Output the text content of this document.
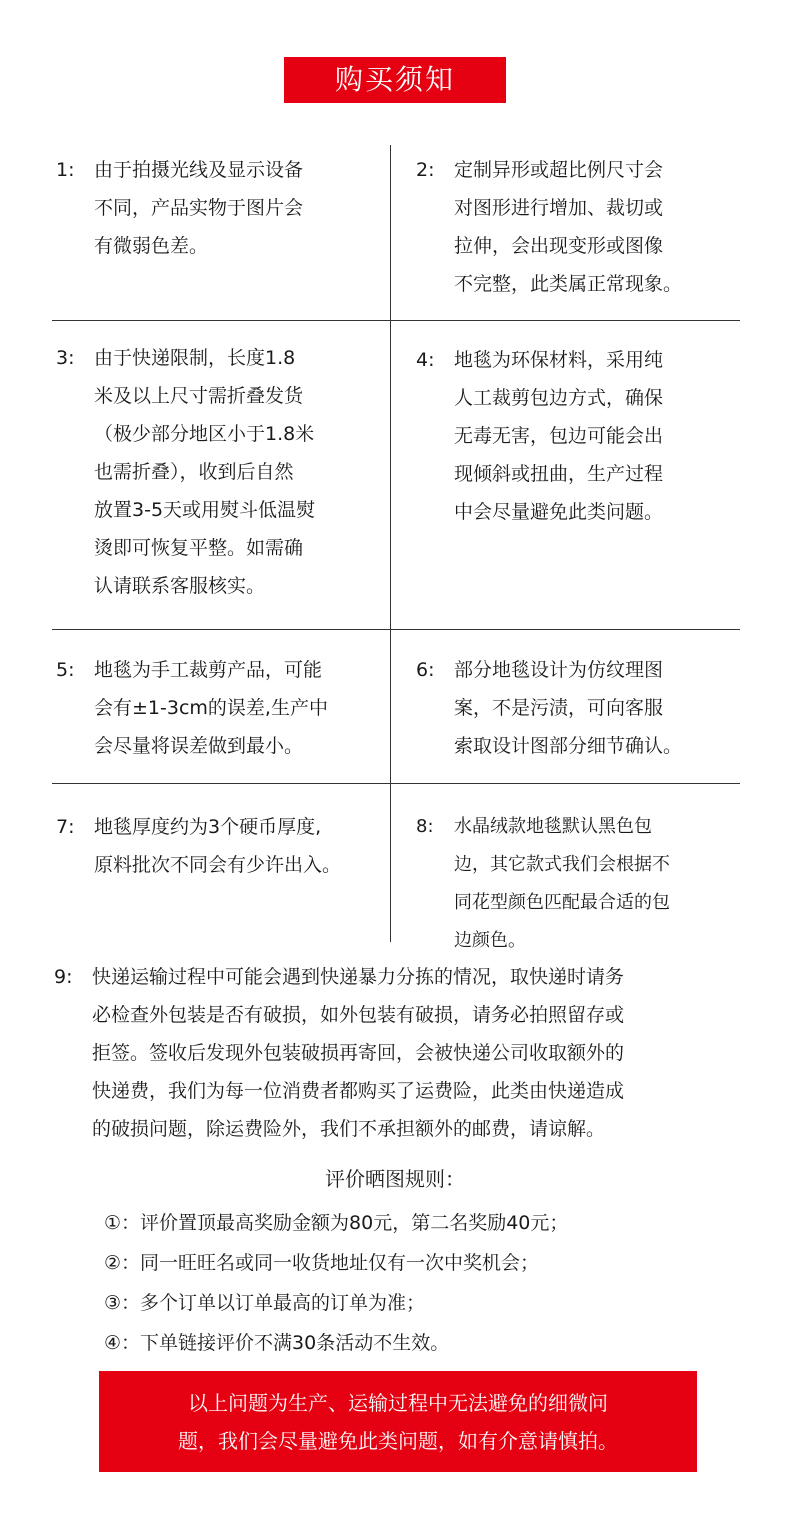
购买须知
1: 由于拍摄光线及显示设备
不同，产品实物于图片会
有微弱色差。
2: 定制异形或超比例尺寸会
对图形进行增加、裁切或
拉伸，会出现变形或图像
不完整，此类属正常现象。
3: 由于快递限制，长度1.8
米及以上尺寸需折叠发货
（极少部分地区小于1.8米
也需折叠），收到后自然
放置3-5天或用熨斗低温熨
烫即可恢复平整。如需确
认请联系客服核实。
4: 地毯为环保材料，采用纯
人工裁剪包边方式，确保
无毒无害，包边可能会出
现倾斜或扭曲，生产过程
中会尽量避免此类问题。
5: 地毯为手工裁剪产品，可能
会有±1-3cm的误差,生产中
会尽量将误差做到最小。
6: 部分地毯设计为仿纹理图
案，不是污渍，可向客服
索取设计图部分细节确认。
7: 地毯厚度约为3个硬币厚度,
原料批次不同会有少许出入。
8: 水晶绒款地毯默认黑色包
边，其它款式我们会根据不
同花型颜色匹配最合适的包
边颜色。
9: 快递运输过程中可能会遇到快递暴力分拣的情况，取快递时请务
必检查外包装是否有破损，如外包装有破损，请务必拍照留存或
拒签。签收后发现外包装破损再寄回，会被快递公司收取额外的
快递费，我们为每一位消费者都购买了运费险，此类由快递造成
的破损问题，除运费险外，我们不承担额外的邮费，请谅解。
评价晒图规则：
①：评价置顶最高奖励金额为80元，第二名奖励40元；
②：同一旺旺名或同一收货地址仅有一次中奖机会；
③：多个订单以订单最高的订单为准；
④：下单链接评价不满30条活动不生效。
以上问题为生产、运输过程中无法避免的细微问
题，我们会尽量避免此类问题，如有介意请慎拍。
